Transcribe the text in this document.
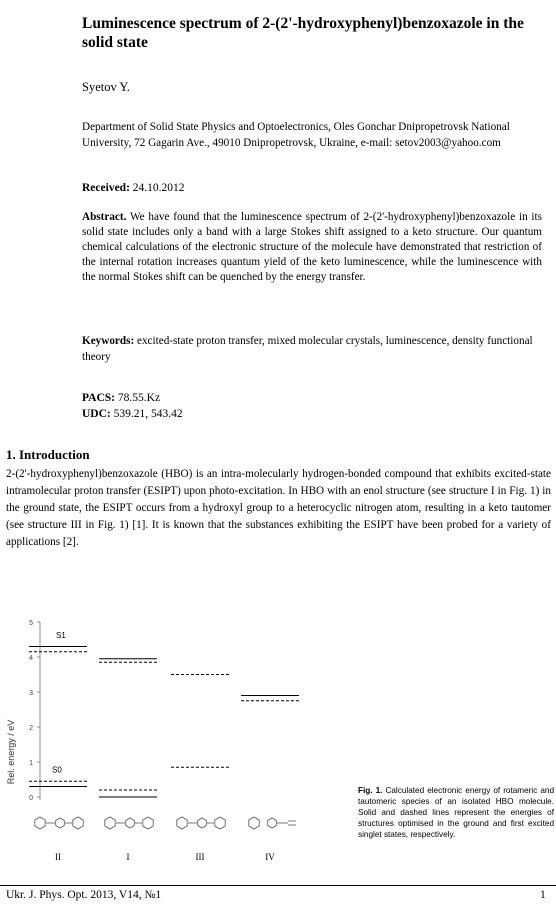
Luminescence spectrum of 2-(2'-hydroxyphenyl)benzoxazole in the solid state
Syetov Y.
Department of Solid State Physics and Optoelectronics, Oles Gonchar Dnipropetrovsk National University, 72 Gagarin Ave., 49010 Dnipropetrovsk, Ukraine, e-mail: setov2003@yahoo.com
Received: 24.10.2012
Abstract. We have found that the luminescence spectrum of 2-(2'-hydroxyphenyl)benzoxazole in its solid state includes only a band with a large Stokes shift assigned to a keto structure. Our quantum chemical calculations of the electronic structure of the molecule have demonstrated that restriction of the internal rotation increases quantum yield of the keto luminescence, while the luminescence with the normal Stokes shift can be quenched by the energy transfer.
Keywords: excited-state proton transfer, mixed molecular crystals, luminescence, density functional theory
PACS: 78.55.Kz
UDC: 539.21, 543.42
1. Introduction
2-(2'-hydroxyphenyl)benzoxazole (HBO) is an intra-molecularly hydrogen-bonded compound that exhibits excited-state intramolecular proton transfer (ESIPT) upon photo-excitation. In HBO with an enol structure (see structure I in Fig. 1) in the ground state, the ESIPT occurs from a hydroxyl group to a heterocyclic nitrogen atom, resulting in a keto tautomer (see structure III in Fig. 1) [1]. It is known that the substances exhibiting the ESIPT have been probed for a variety of applications [2].
Rel. energy / eV
0
1
2
3
4
5
S1
S0
II	I	III	IV
Fig. 1. Calculated electronic energy of rotameric and tautomeric species of an isolated HBO molecule. Solid and dashed lines represent the energies of structures optimised in the ground and first excited singlet states, respectively.
Ukr. J. Phys. Opt. 2013, V14, №1	1
